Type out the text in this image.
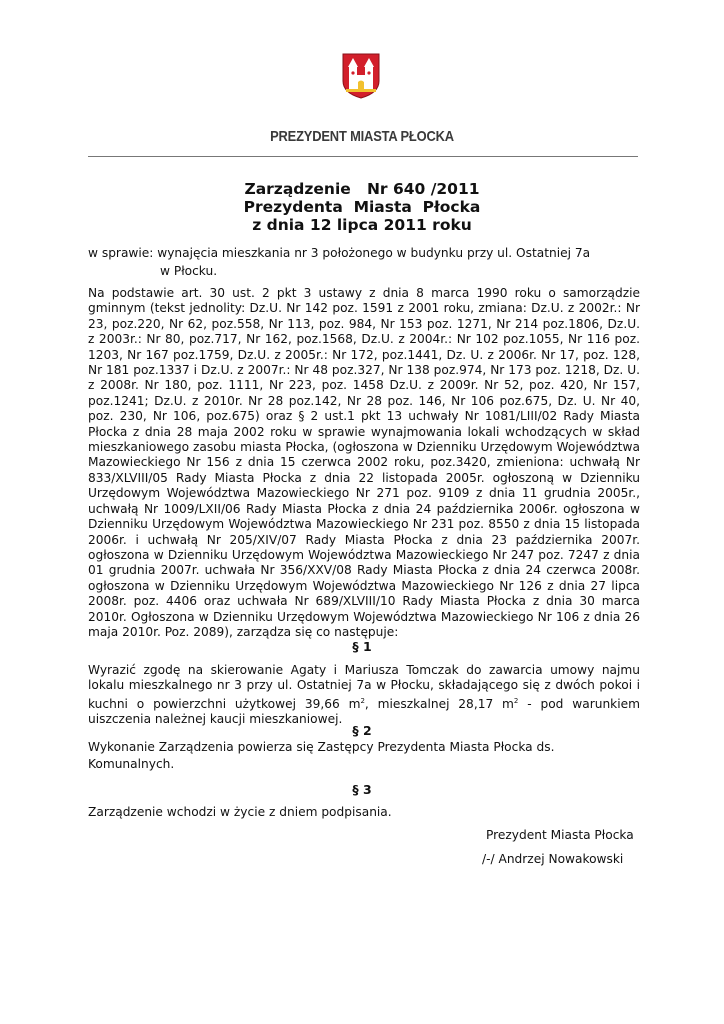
PREZYDENT MIASTA PŁOCKA
Zarządzenie   Nr 640 /2011
Prezydenta  Miasta  Płocka
z dnia 12 lipca 2011 roku
w sprawie: wynajęcia mieszkania nr 3 położonego w budynku przy ul. Ostatniej 7a
w Płocku.
Na podstawie art. 30 ust. 2 pkt 3 ustawy z dnia 8 marca 1990 roku o samorządzie gminnym (tekst jednolity: Dz.U. Nr 142 poz. 1591 z 2001 roku, zmiana: Dz.U. z 2002r.: Nr 23, poz.220, Nr 62, poz.558, Nr 113, poz. 984, Nr 153 poz. 1271, Nr 214 poz.1806, Dz.U. z 2003r.: Nr 80, poz.717, Nr 162, poz.1568, Dz.U. z 2004r.: Nr 102 poz.1055, Nr 116 poz. 1203, Nr 167 poz.1759, Dz.U. z 2005r.: Nr 172, poz.1441, Dz. U. z 2006r. Nr 17, poz. 128, Nr 181 poz.1337 i Dz.U. z 2007r.: Nr 48 poz.327, Nr 138 poz.974, Nr 173 poz. 1218, Dz. U. z 2008r. Nr 180, poz. 1111, Nr 223, poz. 1458 Dz.U. z 2009r. Nr 52, poz. 420, Nr 157, poz.1241; Dz.U. z 2010r. Nr 28 poz.142, Nr 28 poz. 146, Nr 106 poz.675, Dz. U. Nr 40, poz. 230, Nr 106, poz.675) oraz § 2 ust.1 pkt 13 uchwały Nr 1081/LIII/02 Rady Miasta Płocka z dnia 28 maja 2002 roku w sprawie wynajmowania lokali wchodzących w skład mieszkaniowego zasobu miasta Płocka, (ogłoszona w Dzienniku Urzędowym Województwa Mazowieckiego Nr 156 z dnia 15 czerwca 2002 roku, poz.3420, zmieniona: uchwałą Nr 833/XLVIII/05 Rady Miasta Płocka z dnia 22 listopada 2005r. ogłoszoną w Dzienniku Urzędowym Województwa Mazowieckiego Nr 271 poz. 9109 z dnia 11 grudnia 2005r., uchwałą Nr 1009/LXII/06 Rady Miasta Płocka z dnia 24 października 2006r. ogłoszona w Dzienniku Urzędowym Województwa Mazowieckiego Nr 231 poz. 8550 z dnia 15 listopada 2006r. i uchwałą Nr 205/XIV/07 Rady Miasta Płocka z dnia 23 października 2007r. ogłoszona w Dzienniku Urzędowym Województwa Mazowieckiego Nr 247 poz. 7247 z dnia 01 grudnia 2007r. uchwała Nr 356/XXV/08 Rady Miasta Płocka z dnia 24 czerwca 2008r. ogłoszona w Dzienniku Urzędowym Województwa Mazowieckiego Nr 126 z dnia 27 lipca 2008r. poz. 4406 oraz uchwała Nr 689/XLVIII/10 Rady Miasta Płocka z dnia 30 marca 2010r. Ogłoszona w Dzienniku Urzędowym Województwa Mazowieckiego Nr 106 z dnia 26 maja 2010r. Poz. 2089), zarządza się co następuje:
§ 1
Wyrazić zgodę na skierowanie Agaty i Mariusza Tomczak do zawarcia umowy najmu lokalu mieszkalnego nr 3 przy ul. Ostatniej 7a w Płocku, składającego się z dwóch pokoi i kuchni o powierzchni użytkowej 39,66 $m^2$, mieszkalnej 28,17 $m^2$ - pod warunkiem uiszczenia należnej kaucji mieszkaniowej.
§ 2
Wykonanie Zarządzenia powierza się Zastępcy Prezydenta Miasta Płocka ds. Komunalnych.
§ 3
Zarządzenie wchodzi w życie z dniem podpisania.
Prezydent Miasta Płocka
/-/ Andrzej Nowakowski
